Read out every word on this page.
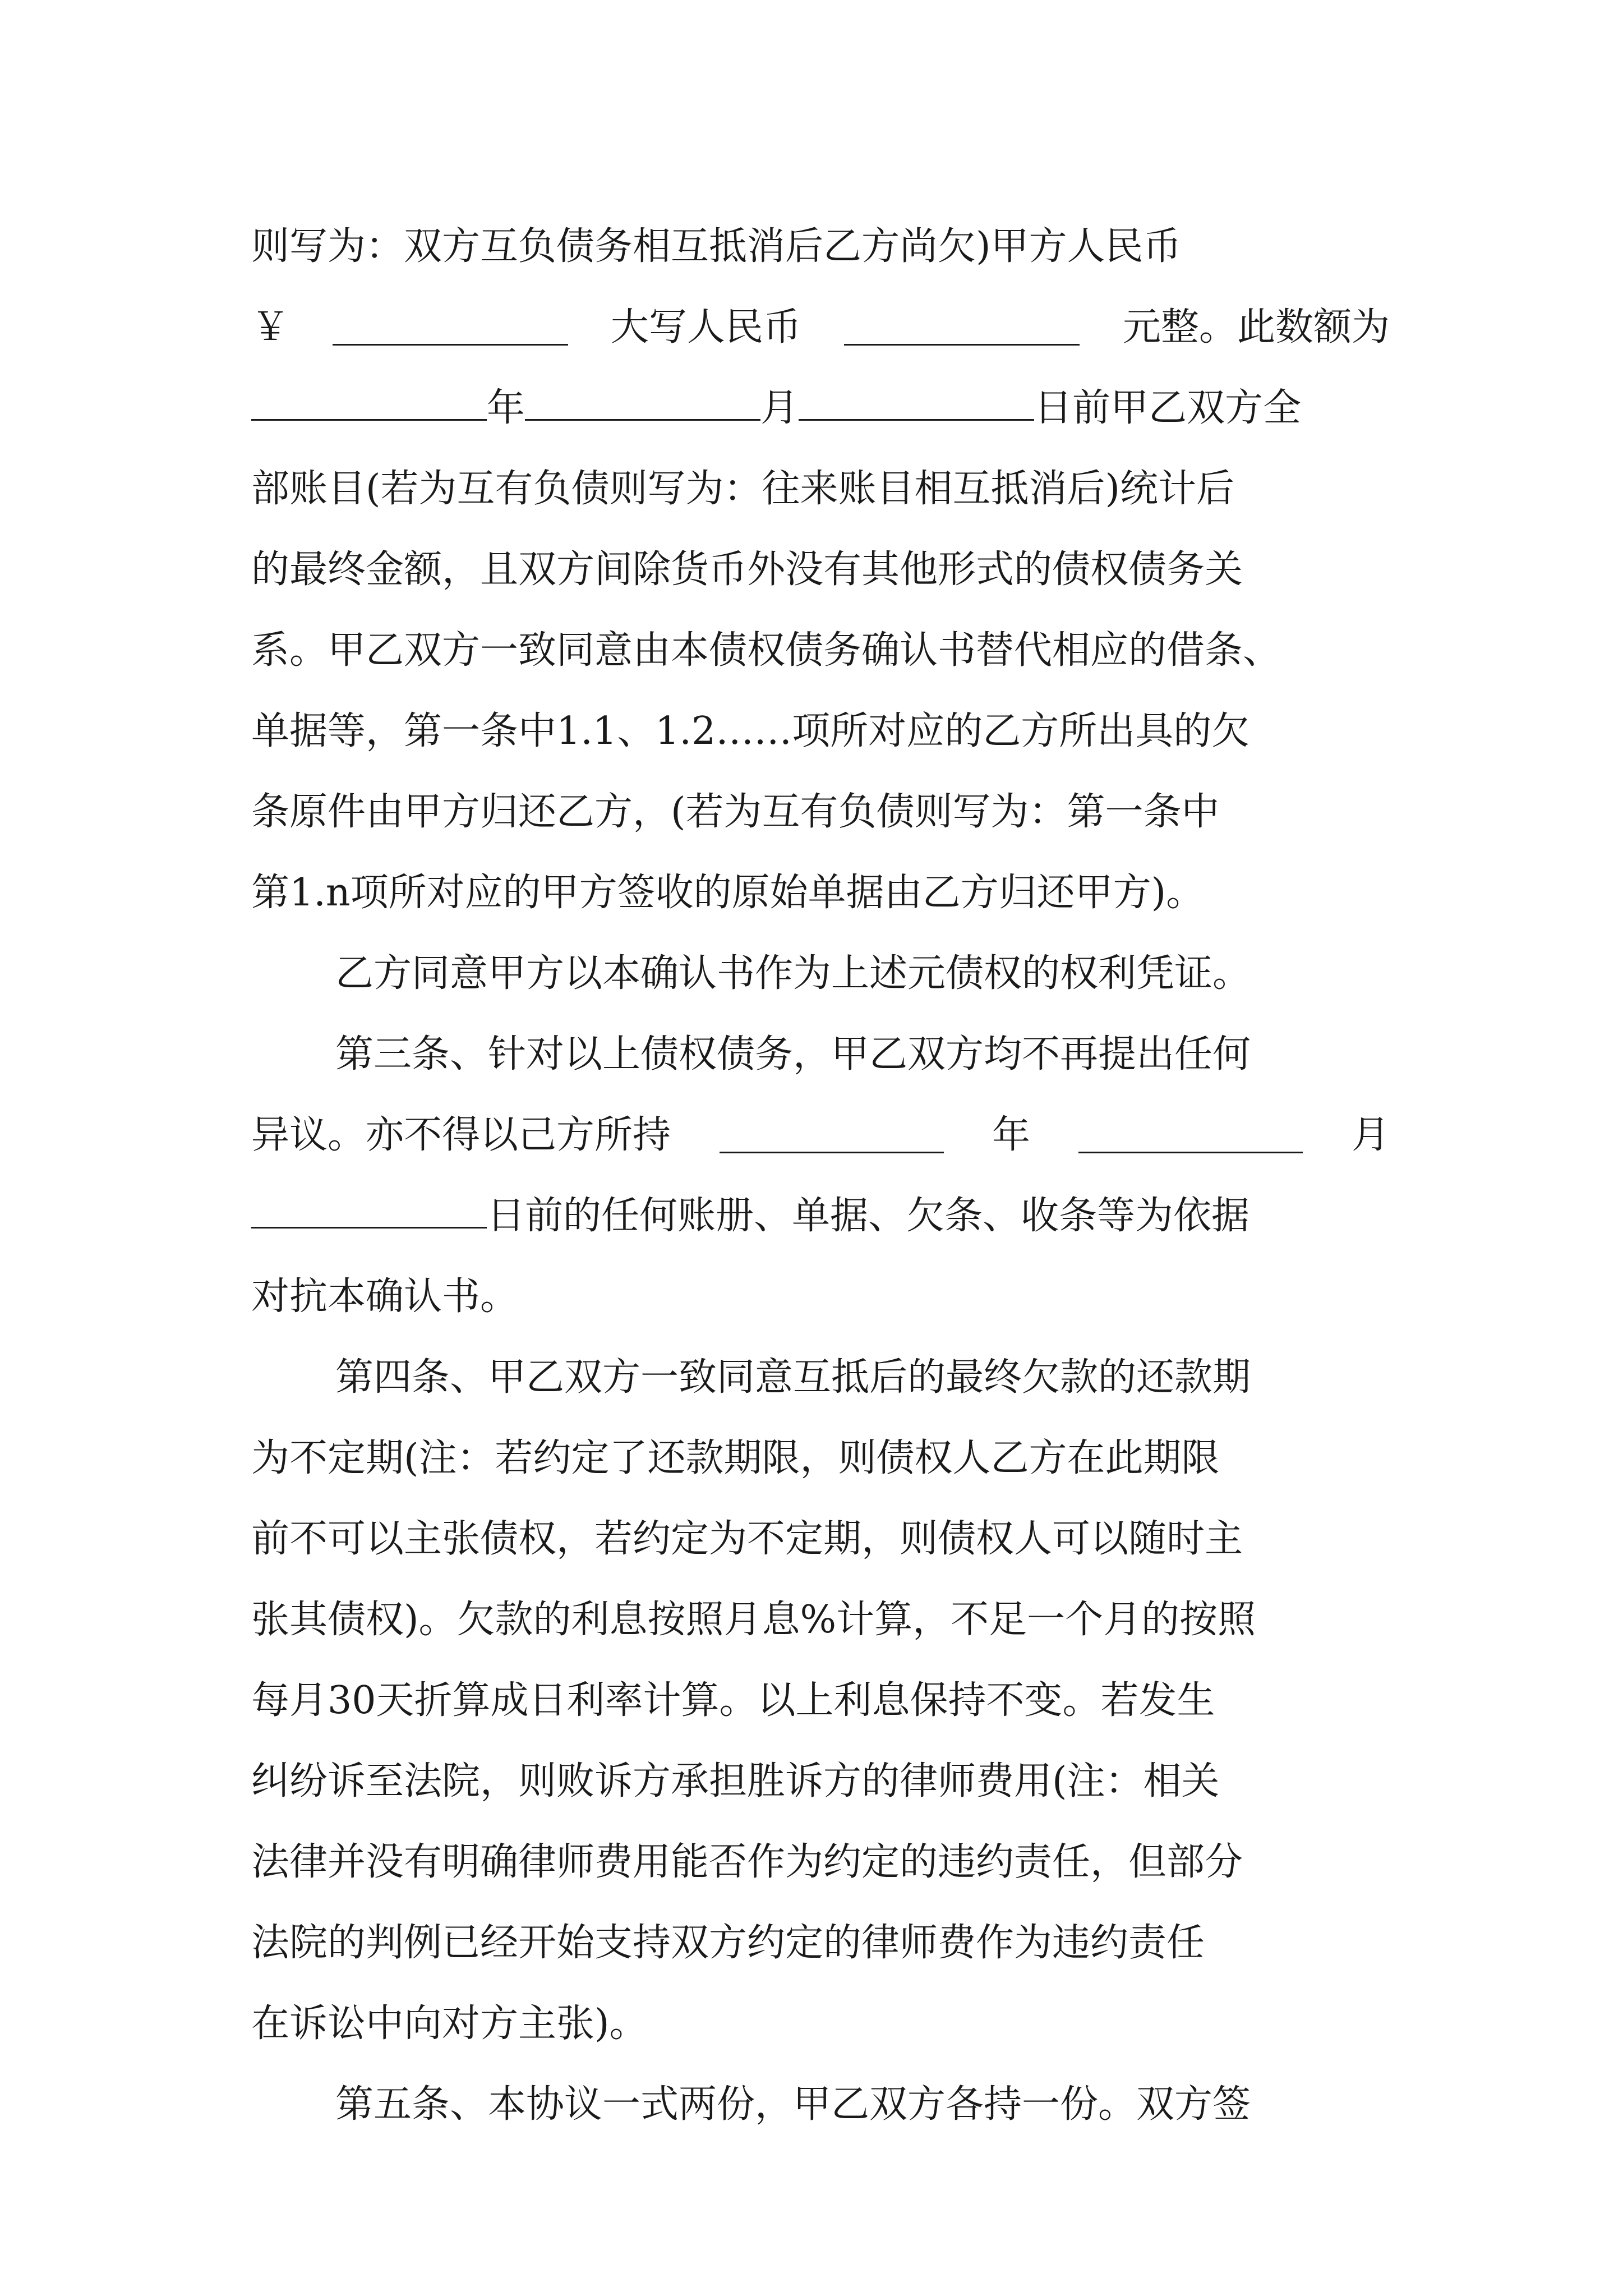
则写为：双方互负债务相互抵消后乙方尚欠)甲方人民币
￥	大写人民币	元整。此数额为
年	月	日前甲乙双方全
部账目(若为互有负债则写为：往来账目相互抵消后)统计后
的最终金额，且双方间除货币外没有其他形式的债权债务关
系。甲乙双方一致同意由本债权债务确认书替代相应的借条、
单据等，第一条中1.1、1.2……项所对应的乙方所出具的欠
条原件由甲方归还乙方，(若为互有负债则写为：第一条中
第1.n项所对应的甲方签收的原始单据由乙方归还甲方)。
乙方同意甲方以本确认书作为上述元债权的权利凭证。
第三条、针对以上债权债务，甲乙双方均不再提出任何
异议。亦不得以己方所持	年	月
日前的任何账册、单据、欠条、收条等为依据
对抗本确认书。
第四条、甲乙双方一致同意互抵后的最终欠款的还款期
为不定期(注：若约定了还款期限，则债权人乙方在此期限
前不可以主张债权，若约定为不定期，则债权人可以随时主
张其债权)。欠款的利息按照月息%计算，不足一个月的按照
每月30天折算成日利率计算。以上利息保持不变。若发生
纠纷诉至法院，则败诉方承担胜诉方的律师费用(注：相关
法律并没有明确律师费用能否作为约定的违约责任，但部分
法院的判例已经开始支持双方约定的律师费作为违约责任
在诉讼中向对方主张)。
第五条、本协议一式两份，甲乙双方各持一份。双方签
